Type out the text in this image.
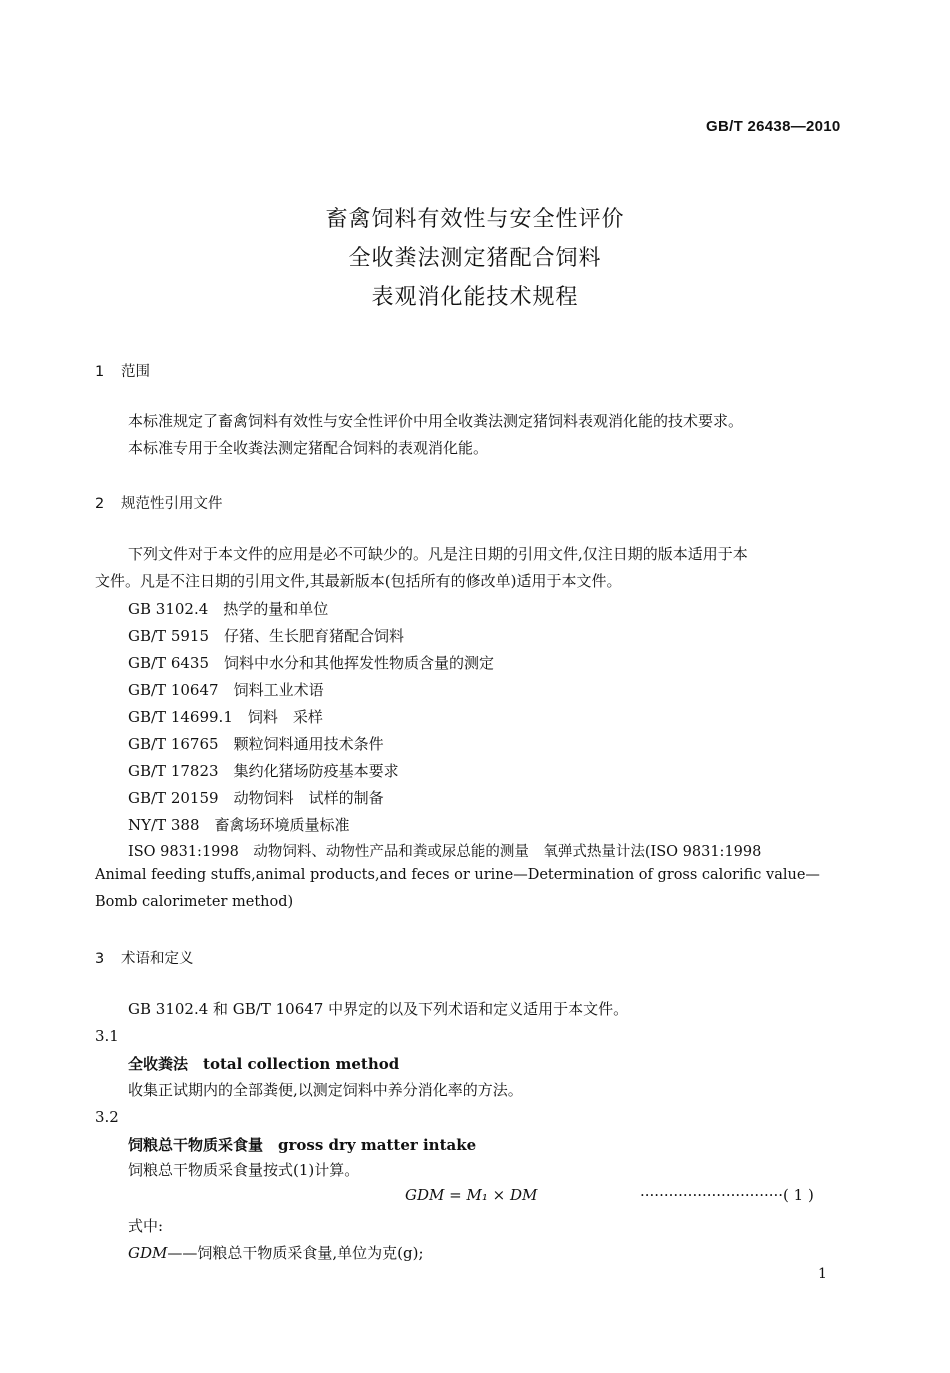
GB/T 26438—2010
畜禽饲料有效性与安全性评价
全收粪法测定猪配合饲料
表观消化能技术规程
1 范围
本标准规定了畜禽饲料有效性与安全性评价中用全收粪法测定猪饲料表观消化能的技术要求。
本标准专用于全收粪法测定猪配合饲料的表观消化能。
2 规范性引用文件
下列文件对于本文件的应用是必不可缺少的。凡是注日期的引用文件,仅注日期的版本适用于本
文件。凡是不注日期的引用文件,其最新版本(包括所有的修改单)适用于本文件。
GB 3102.4　 热学的量和单位
GB/T 5915　 仔猪、生长肥育猪配合饲料
GB/T 6435　 饲料中水分和其他挥发性物质含量的测定
GB/T 10647　 饲料工业术语
GB/T 14699.1　 饲料　采样
GB/T 16765　 颗粒饲料通用技术条件
GB/T 17823　 集约化猪场防疫基本要求
GB/T 20159　 动物饲料　试样的制备
NY/T 388　 畜禽场环境质量标准
ISO 9831:1998　动物饲料、动物性产品和粪或尿总能的测量　氧弹式热量计法(ISO 9831:1998
Animal feeding stuffs,animal products,and feces or urine—Determination of gross calorific value—
Bomb calorimeter method)
3 术语和定义
GB 3102.4 和 GB/T 10647 中界定的以及下列术语和定义适用于本文件。
3.1
全收粪法　 total collection method
收集正试期内的全部粪便,以测定饲料中养分消化率的方法。
3.2
饲粮总干物质采食量　 gross dry matter intake
饲粮总干物质采食量按式(1)计算。
GDM = M₁ × DM	······························( 1 )
式中:
GDM——饲粮总干物质采食量,单位为克(g);
1
